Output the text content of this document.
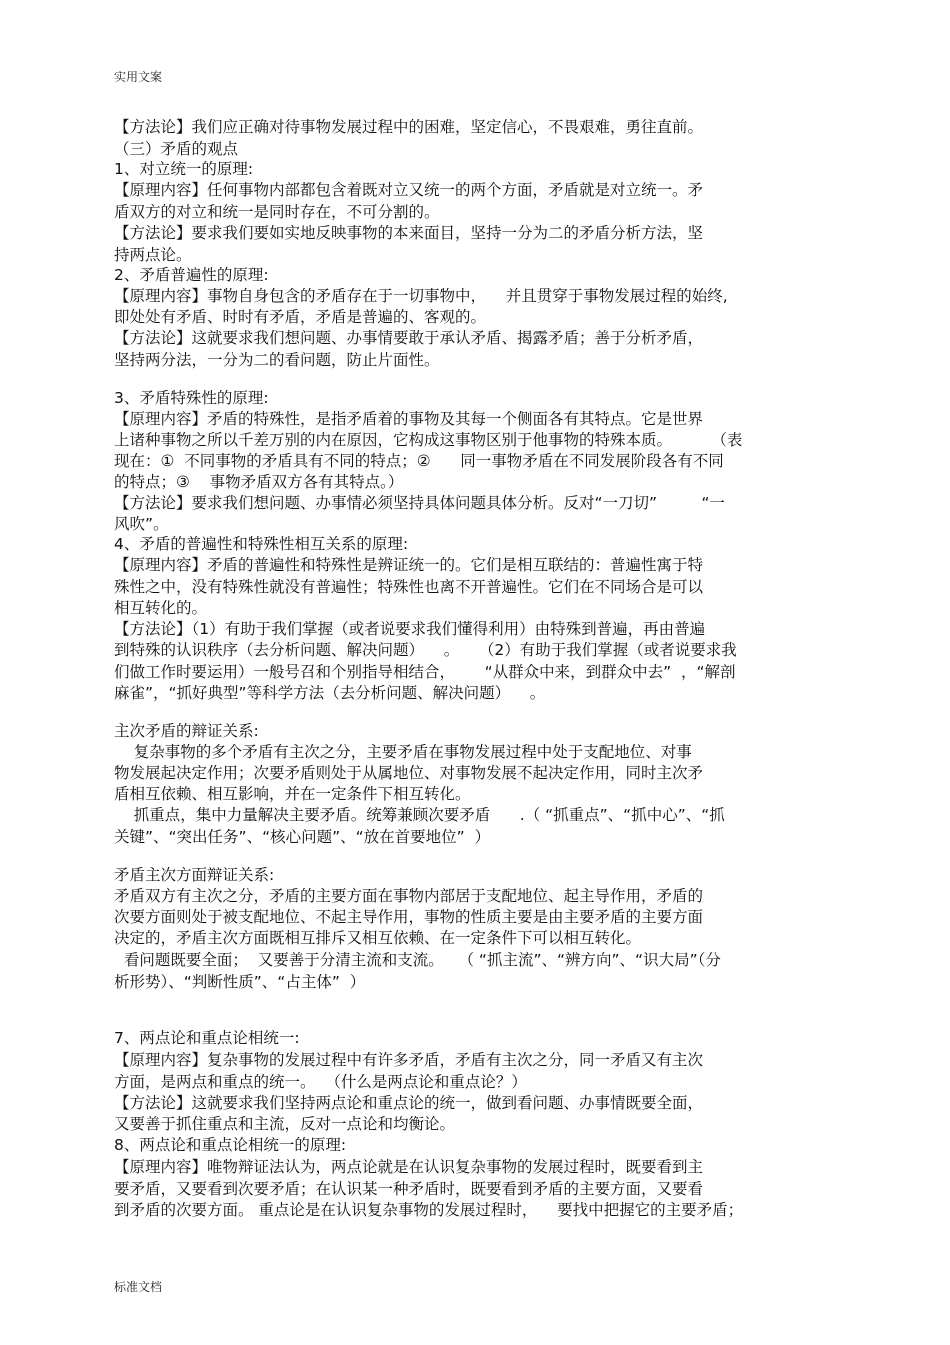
实用文案

【方法论】我们应正确对待事物发展过程中的困难，坚定信心，不畏艰难，勇往直前。

（三）矛盾的观点

1、对立统一的原理:

【原理内容】任何事物内部都包含着既对立又统一的两个方面，矛盾就是对立统一。矛

盾双方的对立和统一是同时存在，不可分割的。

【方法论】要求我们要如实地反映事物的本来面目，坚持一分为二的矛盾分析方法，坚

持两点论。

2、矛盾普遍性的原理:

【原理内容】事物自身包含的矛盾存在于一切事物中，    并且贯穿于事物发展过程的始终,

即处处有矛盾、时时有矛盾，矛盾是普遍的、客观的。

【方法论】这就要求我们想问题、办事情要敢于承认矛盾、揭露矛盾；善于分析矛盾，

坚持两分法，一分为二的看问题，防止片面性。

3、矛盾特殊性的原理:

【原理内容】矛盾的特殊性，是指矛盾着的事物及其每一个侧面各有其特点。它是世界

上诸种事物之所以千差万别的内在原因，它构成这事物区别于他事物的特殊本质。        （表

现在：①  不同事物的矛盾具有不同的特点；②      同一事物矛盾在不同发展阶段各有不同

的特点；③    事物矛盾双方各有其特点。）

【方法论】要求我们想问题、办事情必须坚持具体问题具体分析。反对“一刀切”         “一

风吹”。

4、矛盾的普遍性和特殊性相互关系的原理:

【原理内容】矛盾的普遍性和特殊性是辨证统一的。它们是相互联结的：普遍性寓于特

殊性之中，没有特殊性就没有普遍性；特殊性也离不开普遍性。它们在不同场合是可以

相互转化的。

【方法论】（1）有助于我们掌握（或者说要求我们懂得利用）由特殊到普遍，再由普遍

到特殊的认识秩序（去分析问题、解决问题）    。    （2）有助于我们掌握（或者说要求我

们做工作时要运用）一般号召和个别指导相结合，      “从群众中来，到群众中去”  ，“解剖

麻雀”，“抓好典型”等科学方法（去分析问题、解决问题）    。

主次矛盾的辩证关系:

复杂事物的多个矛盾有主次之分，主要矛盾在事物发展过程中处于支配地位、对事

物发展起决定作用；次要矛盾则处于从属地位、对事物发展不起决定作用，同时主次矛

盾相互依赖、相互影响，并在一定条件下相互转化。

抓重点，集中力量解决主要矛盾。统筹兼顾次要矛盾      .（ “抓重点”、“抓中心”、“抓

关键”、“突出任务”、“核心问题”、“放在首要地位”  ）

矛盾主次方面辩证关系:

矛盾双方有主次之分，矛盾的主要方面在事物内部居于支配地位、起主导作用，矛盾的

次要方面则处于被支配地位、不起主导作用，事物的性质主要是由主要矛盾的主要方面

决定的，矛盾主次方面既相互排斥又相互依赖、在一定条件下可以相互转化。

看问题既要全面；  又要善于分清主流和支流。   （ “抓主流”、“辨方向”、“识大局”（分

析形势）、“判断性质”、“占主体”  ）

7、两点论和重点论相统一:

【原理内容】复杂事物的发展过程中有许多矛盾，矛盾有主次之分，同一矛盾又有主次

方面，是两点和重点的统一。  （什么是两点论和重点论？）

【方法论】这就要求我们坚持两点论和重点论的统一，做到看问题、办事情既要全面，

又要善于抓住重点和主流，反对一点论和均衡论。

8、两点论和重点论相统一的原理:

【原理内容】唯物辩证法认为，两点论就是在认识复杂事物的发展过程时，既要看到主

要矛盾，又要看到次要矛盾；在认识某一种矛盾时，既要看到矛盾的主要方面，又要看

到矛盾的次要方面。 重点论是在认识复杂事物的发展过程时，    要找中把握它的主要矛盾；

标准文档
